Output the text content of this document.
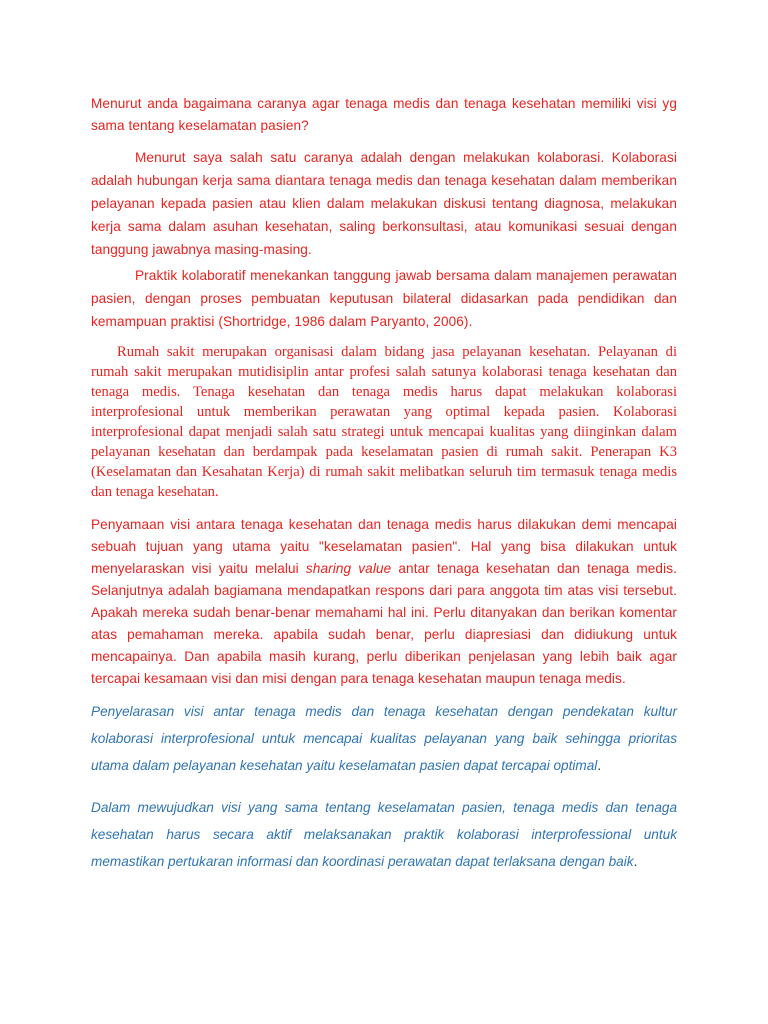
Menurut anda bagaimana caranya agar tenaga medis dan tenaga kesehatan memiliki visi yg sama tentang keselamatan pasien?

Menurut saya salah satu caranya adalah dengan melakukan kolaborasi. Kolaborasi adalah hubungan kerja sama diantara tenaga medis dan tenaga kesehatan dalam memberikan pelayanan kepada pasien atau klien dalam melakukan diskusi tentang diagnosa, melakukan kerja sama dalam asuhan kesehatan, saling berkonsultasi, atau komunikasi sesuai dengan tanggung jawabnya masing-masing.

Praktik kolaboratif menekankan tanggung jawab bersama dalam manajemen perawatan pasien, dengan proses pembuatan keputusan bilateral didasarkan pada pendidikan dan kemampuan praktisi (Shortridge, 1986 dalam Paryanto, 2006).

Rumah sakit merupakan organisasi dalam bidang jasa pelayanan kesehatan. Pelayanan di rumah sakit merupakan mutidisiplin antar profesi salah satunya kolaborasi tenaga kesehatan dan tenaga medis. Tenaga kesehatan dan tenaga medis harus dapat melakukan kolaborasi interprofesional untuk memberikan perawatan yang optimal kepada pasien. Kolaborasi interprofesional dapat menjadi salah satu strategi untuk mencapai kualitas yang diinginkan dalam pelayanan kesehatan dan berdampak pada keselamatan pasien di rumah sakit. Penerapan K3 (Keselamatan dan Kesahatan Kerja) di rumah sakit melibatkan seluruh tim termasuk tenaga medis dan tenaga kesehatan.

Penyamaan visi antara tenaga kesehatan dan tenaga medis harus dilakukan demi mencapai sebuah tujuan yang utama yaitu "keselamatan pasien". Hal yang bisa dilakukan untuk menyelaraskan visi yaitu melalui sharing value antar tenaga kesehatan dan tenaga medis. Selanjutnya adalah bagiamana mendapatkan respons dari para anggota tim atas visi tersebut. Apakah mereka sudah benar-benar memahami hal ini. Perlu ditanyakan dan berikan komentar atas pemahaman mereka. apabila sudah benar, perlu diapresiasi dan didiukung untuk mencapainya. Dan apabila masih kurang, perlu diberikan penjelasan yang lebih baik agar tercapai kesamaan visi dan misi dengan para tenaga kesehatan maupun tenaga medis.

Penyelarasan visi antar tenaga medis dan tenaga kesehatan dengan pendekatan kultur kolaborasi interprofesional untuk mencapai kualitas pelayanan yang baik sehingga prioritas utama dalam pelayanan kesehatan yaitu keselamatan pasien dapat tercapai optimal.

Dalam mewujudkan visi yang sama tentang keselamatan pasien, tenaga medis dan tenaga kesehatan harus secara aktif melaksanakan praktik kolaborasi interprofessional untuk memastikan pertukaran informasi dan koordinasi perawatan dapat terlaksana dengan baik.
